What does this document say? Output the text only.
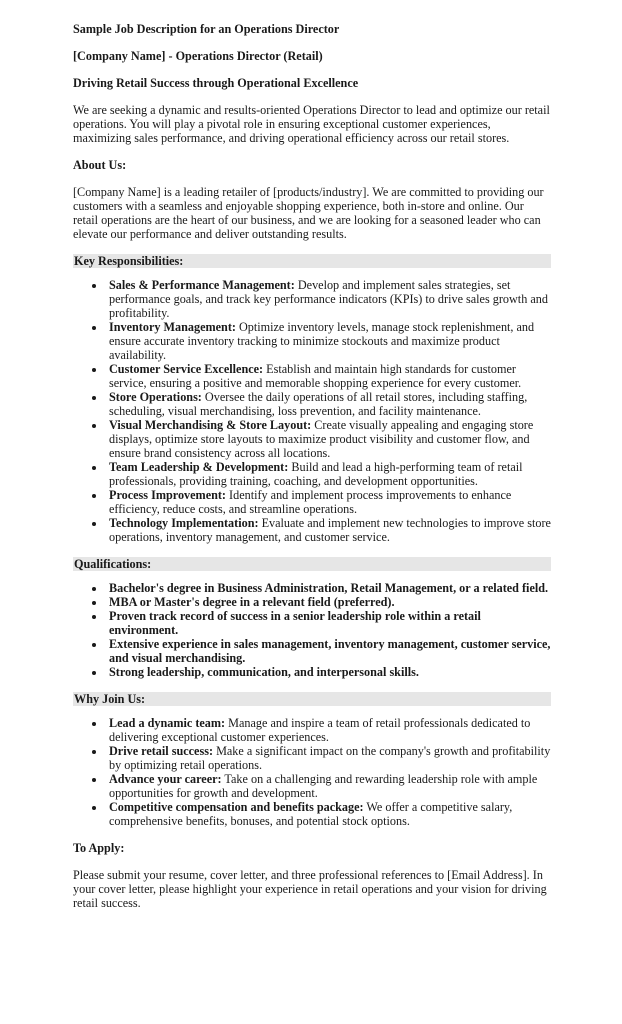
Sample Job Description for an Operations Director

[Company Name] - Operations Director (Retail)

Driving Retail Success through Operational Excellence

We are seeking a dynamic and results-oriented Operations Director to lead and optimize our retail operations. You will play a pivotal role in ensuring exceptional customer experiences, maximizing sales performance, and driving operational efficiency across our retail stores.

About Us:

[Company Name] is a leading retailer of [products/industry]. We are committed to providing our customers with a seamless and enjoyable shopping experience, both in-store and online. Our retail operations are the heart of our business, and we are looking for a seasoned leader who can elevate our performance and deliver outstanding results.

Key Responsibilities:
Sales & Performance Management: Develop and implement sales strategies, set performance goals, and track key performance indicators (KPIs) to drive sales growth and profitability.
Inventory Management: Optimize inventory levels, manage stock replenishment, and ensure accurate inventory tracking to minimize stockouts and maximize product availability.
Customer Service Excellence: Establish and maintain high standards for customer service, ensuring a positive and memorable shopping experience for every customer.
Store Operations: Oversee the daily operations of all retail stores, including staffing, scheduling, visual merchandising, loss prevention, and facility maintenance.
Visual Merchandising & Store Layout: Create visually appealing and engaging store displays, optimize store layouts to maximize product visibility and customer flow, and ensure brand consistency across all locations.
Team Leadership & Development: Build and lead a high-performing team of retail professionals, providing training, coaching, and development opportunities.
Process Improvement: Identify and implement process improvements to enhance efficiency, reduce costs, and streamline operations.
Technology Implementation: Evaluate and implement new technologies to improve store operations, inventory management, and customer service.
Qualifications:
Bachelor's degree in Business Administration, Retail Management, or a related field.
MBA or Master's degree in a relevant field (preferred).
Proven track record of success in a senior leadership role within a retail environment.
Extensive experience in sales management, inventory management, customer service, and visual merchandising.
Strong leadership, communication, and interpersonal skills.
Why Join Us:
Lead a dynamic team: Manage and inspire a team of retail professionals dedicated to delivering exceptional customer experiences.
Drive retail success: Make a significant impact on the company's growth and profitability by optimizing retail operations.
Advance your career: Take on a challenging and rewarding leadership role with ample opportunities for growth and development.
Competitive compensation and benefits package: We offer a competitive salary, comprehensive benefits, bonuses, and potential stock options.

To Apply:

Please submit your resume, cover letter, and three professional references to [Email Address]. In your cover letter, please highlight your experience in retail operations and your vision for driving retail success.
